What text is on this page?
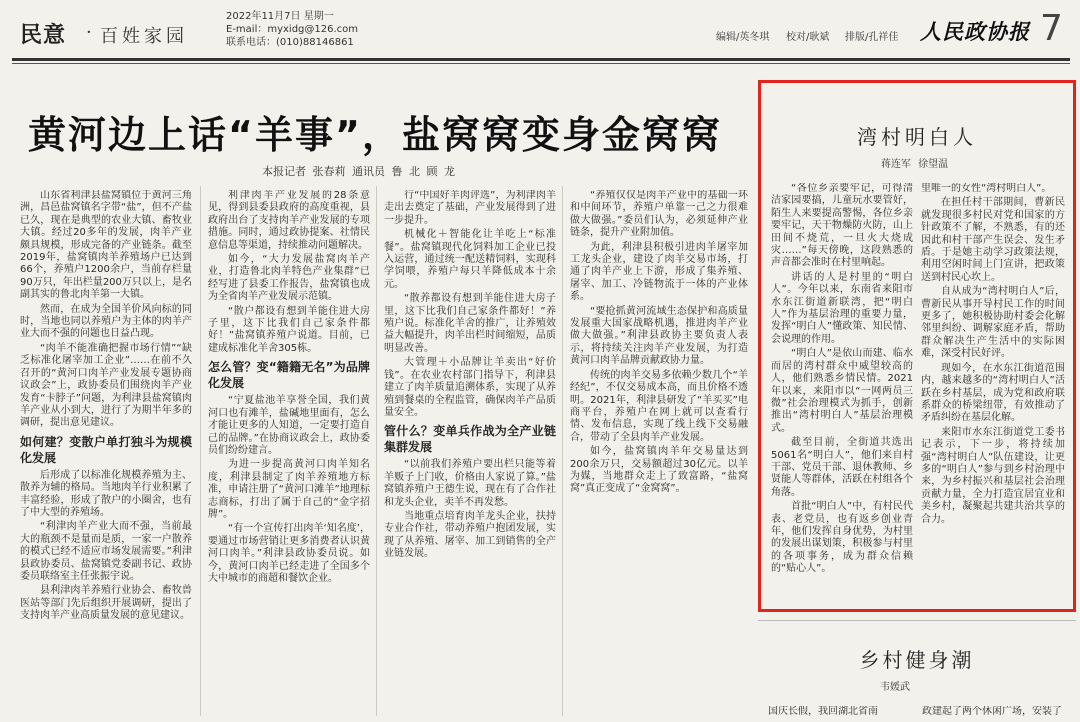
民意 · 百姓家园
2022年11月7日 星期一
E-mail：myxidg@126.com
联系电话：(010)88146861	编辑/英冬琪 校对/耿斌 排版/孔祥佳 人民政协报 7
黄河边上话“羊事”，盐窝窝变身金窝窝
本报记者 张春莉 通讯员 鲁 北 顾 龙

山东省利津县盐窝镇位于黄河三角洲，昌邑盐窝镇名字带“盐”，但不产盐已久，现在是典型的农业大镇、畜牧业大镇。经过20多年的发展，肉羊产业颇具规模，形成完备的产业链条。截至2019年，盐窝镇肉羊养殖场户已达到66个，养殖户1200余户，当前存栏量90万只，年出栏量200万只以上，是名副其实的鲁北肉羊第一大镇。

然而，在成为全国羊价风向标的同时，当地也同以养殖户为主体的肉羊产业大而不强的问题也日益凸现。

“肉羊不能准确把握市场行情”“缺乏标准化屠宰加工企业”……在前不久召开的“黄河口肉羊产业发展专题协商议政会”上，政协委员们围绕肉羊产业发育“卡脖子”问题，为利津县盐窝镇肉羊产业从小到大，进行了为期半年多的调研，提出意见建议。

如何建？变散户单打独斗为规模化发展

后形成了以标准化规模养殖为主、散养为辅的格局。当地肉羊行业积累了丰富经验，形成了散户的小圈舍，也有了中大型的养殖场。

“利津肉羊产业大而不强，当前最大的瓶颈不是量而是质，一家一户散养的模式已经不适应市场发展需要。”利津县政协委员、盐窝镇党委副书记、政协委员联络室主任张振宇说。

县利津肉羊养殖行业协会、畜牧兽医站等部门先后组织开展调研，提出了支持肉羊产业高质量发展的意见建议。

利津肉羊产业发展的28条意见，得到县委县政府的高度重视，县政府出台了支持肉羊产业发展的专项措施。同时，通过政协提案、社情民意信息等渠道，持续推动问题解决。

如今，“大力发展盐窝肉羊产业，打造鲁北肉羊特色产业集群”已经写进了县委工作报告，盐窝镇也成为全省肉羊产业发展示范镇。

“散户都设有想到羊能住进大房子里，这下比我们自己家条件都好！”盐窝镇养殖户说道。目前，已建成标准化羊舍305栋。

怎么管？变“籍籍无名”为品牌化发展

“宁夏盐池羊享誉全国，我们黄河口也有滩羊，盐碱地里面有，怎么才能让更多的人知道，一定要打造自己的品牌。”在协商议政会上，政协委员们纷纷建言。

为进一步提高黄河口肉羊知名度，利津县制定了肉羊养殖地方标准，申请注册了“黄河口滩羊”地理标志商标，打出了属于自己的“金字招牌”。

“有一个宣传打出肉羊‘知名度’，要通过市场营销让更多消费者认识黄河口肉羊。”利津县政协委员说。如今，黄河口肉羊已经走进了全国多个大中城市的商超和餐饮企业。

行“中国好羊肉评选”，为利津肉羊走出去奠定了基础，产业发展得到了进一步提升。

机械化＋智能化让羊吃上“标准餐”。盐窝镇现代化饲料加工企业已投入运营，通过统一配送精饲料，实现科学饲喂，养殖户每只羊降低成本十余元。

“散养都设有想到羊能住进大房子里，这下比我们自己家条件都好！”养殖户说。标准化羊舍的推广，让养殖效益大幅提升，肉羊出栏时间缩短，品质明显改善。

大管理＋小品牌让羊卖出“好价钱”。在农业农村部门指导下，利津县建立了肉羊质量追溯体系，实现了从养殖到餐桌的全程监管，确保肉羊产品质量安全。

管什么？变单兵作战为全产业链集群发展

“以前我们养殖户要出栏只能等着羊贩子上门收，价格由人家说了算。”盐窝镇养殖户王德生说，现在有了合作社和龙头企业，卖羊不再发愁。

当地重点培育肉羊龙头企业，扶持专业合作社，带动养殖户抱团发展，实现了从养殖、屠宰、加工到销售的全产业链发展。

“养殖仅仅是肉羊产业中的基础一环和中间环节，养殖户单靠一己之力很难做大做强。”委员们认为，必须延伸产业链条，提升产业附加值。

为此，利津县积极引进肉羊屠宰加工龙头企业，建设了肉羊交易市场，打通了肉羊产业上下游，形成了集养殖、屠宰、加工、冷链物流于一体的产业体系。

“要抢抓黄河流域生态保护和高质量发展重大国家战略机遇，推进肉羊产业做大做强。”利津县政协主要负责人表示，将持续关注肉羊产业发展，为打造黄河口肉羊品牌贡献政协力量。

传统的肉羊交易多依赖少数几个“羊经纪”，不仅交易成本高，而且价格不透明。2021年，利津县研发了“羊买买”电商平台，养殖户在网上就可以查看行情、发布信息，实现了线上线下交易融合，带动了全县肉羊产业发展。

如今，盐窝镇肉羊年交易量达到200余万只，交易额超过30亿元。以羊为媒，当地群众走上了致富路，“盐窝窝”真正变成了“金窝窝”。

湾村明白人
蒋连军 徐望温

“各位乡亲要牢记，可得清洁家园要搞，儿童玩水要管好，陌生人来要提高警惕，各位乡亲要牢记，天干物燥防火防，山上田间不烧荒，一旦火大烧成灾……”每天傍晚，这段熟悉的声音都会准时在村里响起。

讲话的人是村里的“明白人”。今年以来，东南省来阳市水东江街道新联湾，把“明白人”作为基层治理的重要力量，发挥“明白人”懂政策、知民情、会说理的作用。

“明白人”是依山而建、临水而居的湾村群众中威望较高的人，他们熟悉乡情民情。2021年以来，来阳市以“一网两员三微”社会治理模式为抓手，创新推出“湾村明白人”基层治理模式。

截至目前，全街道共选出5061名“明白人”，他们来自村干部、党员干部、退休教师、乡贤能人等群体，活跃在村组各个角落。

首批“明白人”中，有村民代表、老党员，也有返乡创业青年，他们发挥自身优势，为村里的发展出谋划策，积极参与村里的各项事务，成为群众信赖的“贴心人”。

里唯一的女性“湾村明白人”。

在担任村干部期间，曹新民就发现很多村民对党和国家的方针政策不了解，不熟悉，有的还因此和村干部产生误会、发生矛盾。于是她主动学习政策法规，利用空闲时间上门宣讲，把政策送到村民心坎上。

自从成为“湾村明白人”后，曹新民从事开导村民工作的时间更多了，她积极协助村委会化解邻里纠纷、调解家庭矛盾，帮助群众解决生产生活中的实际困难，深受村民好评。

现如今，在水东江街道范围内，越来越多的“湾村明白人”活跃在乡村基层，成为党和政府联系群众的桥梁纽带，有效推动了矛盾纠纷在基层化解。

来阳市水东江街道党工委书记表示，下一步，将持续加强“湾村明白人”队伍建设，让更多的“明白人”参与到乡村治理中来，为乡村振兴和基层社会治理贡献力量，全力打造宜居宜业和美乡村，凝聚起共建共治共享的合力。

乡村健身潮
韦媛武
国庆长假，我回湖北省南	政建起了两个休闲广场，安装了
